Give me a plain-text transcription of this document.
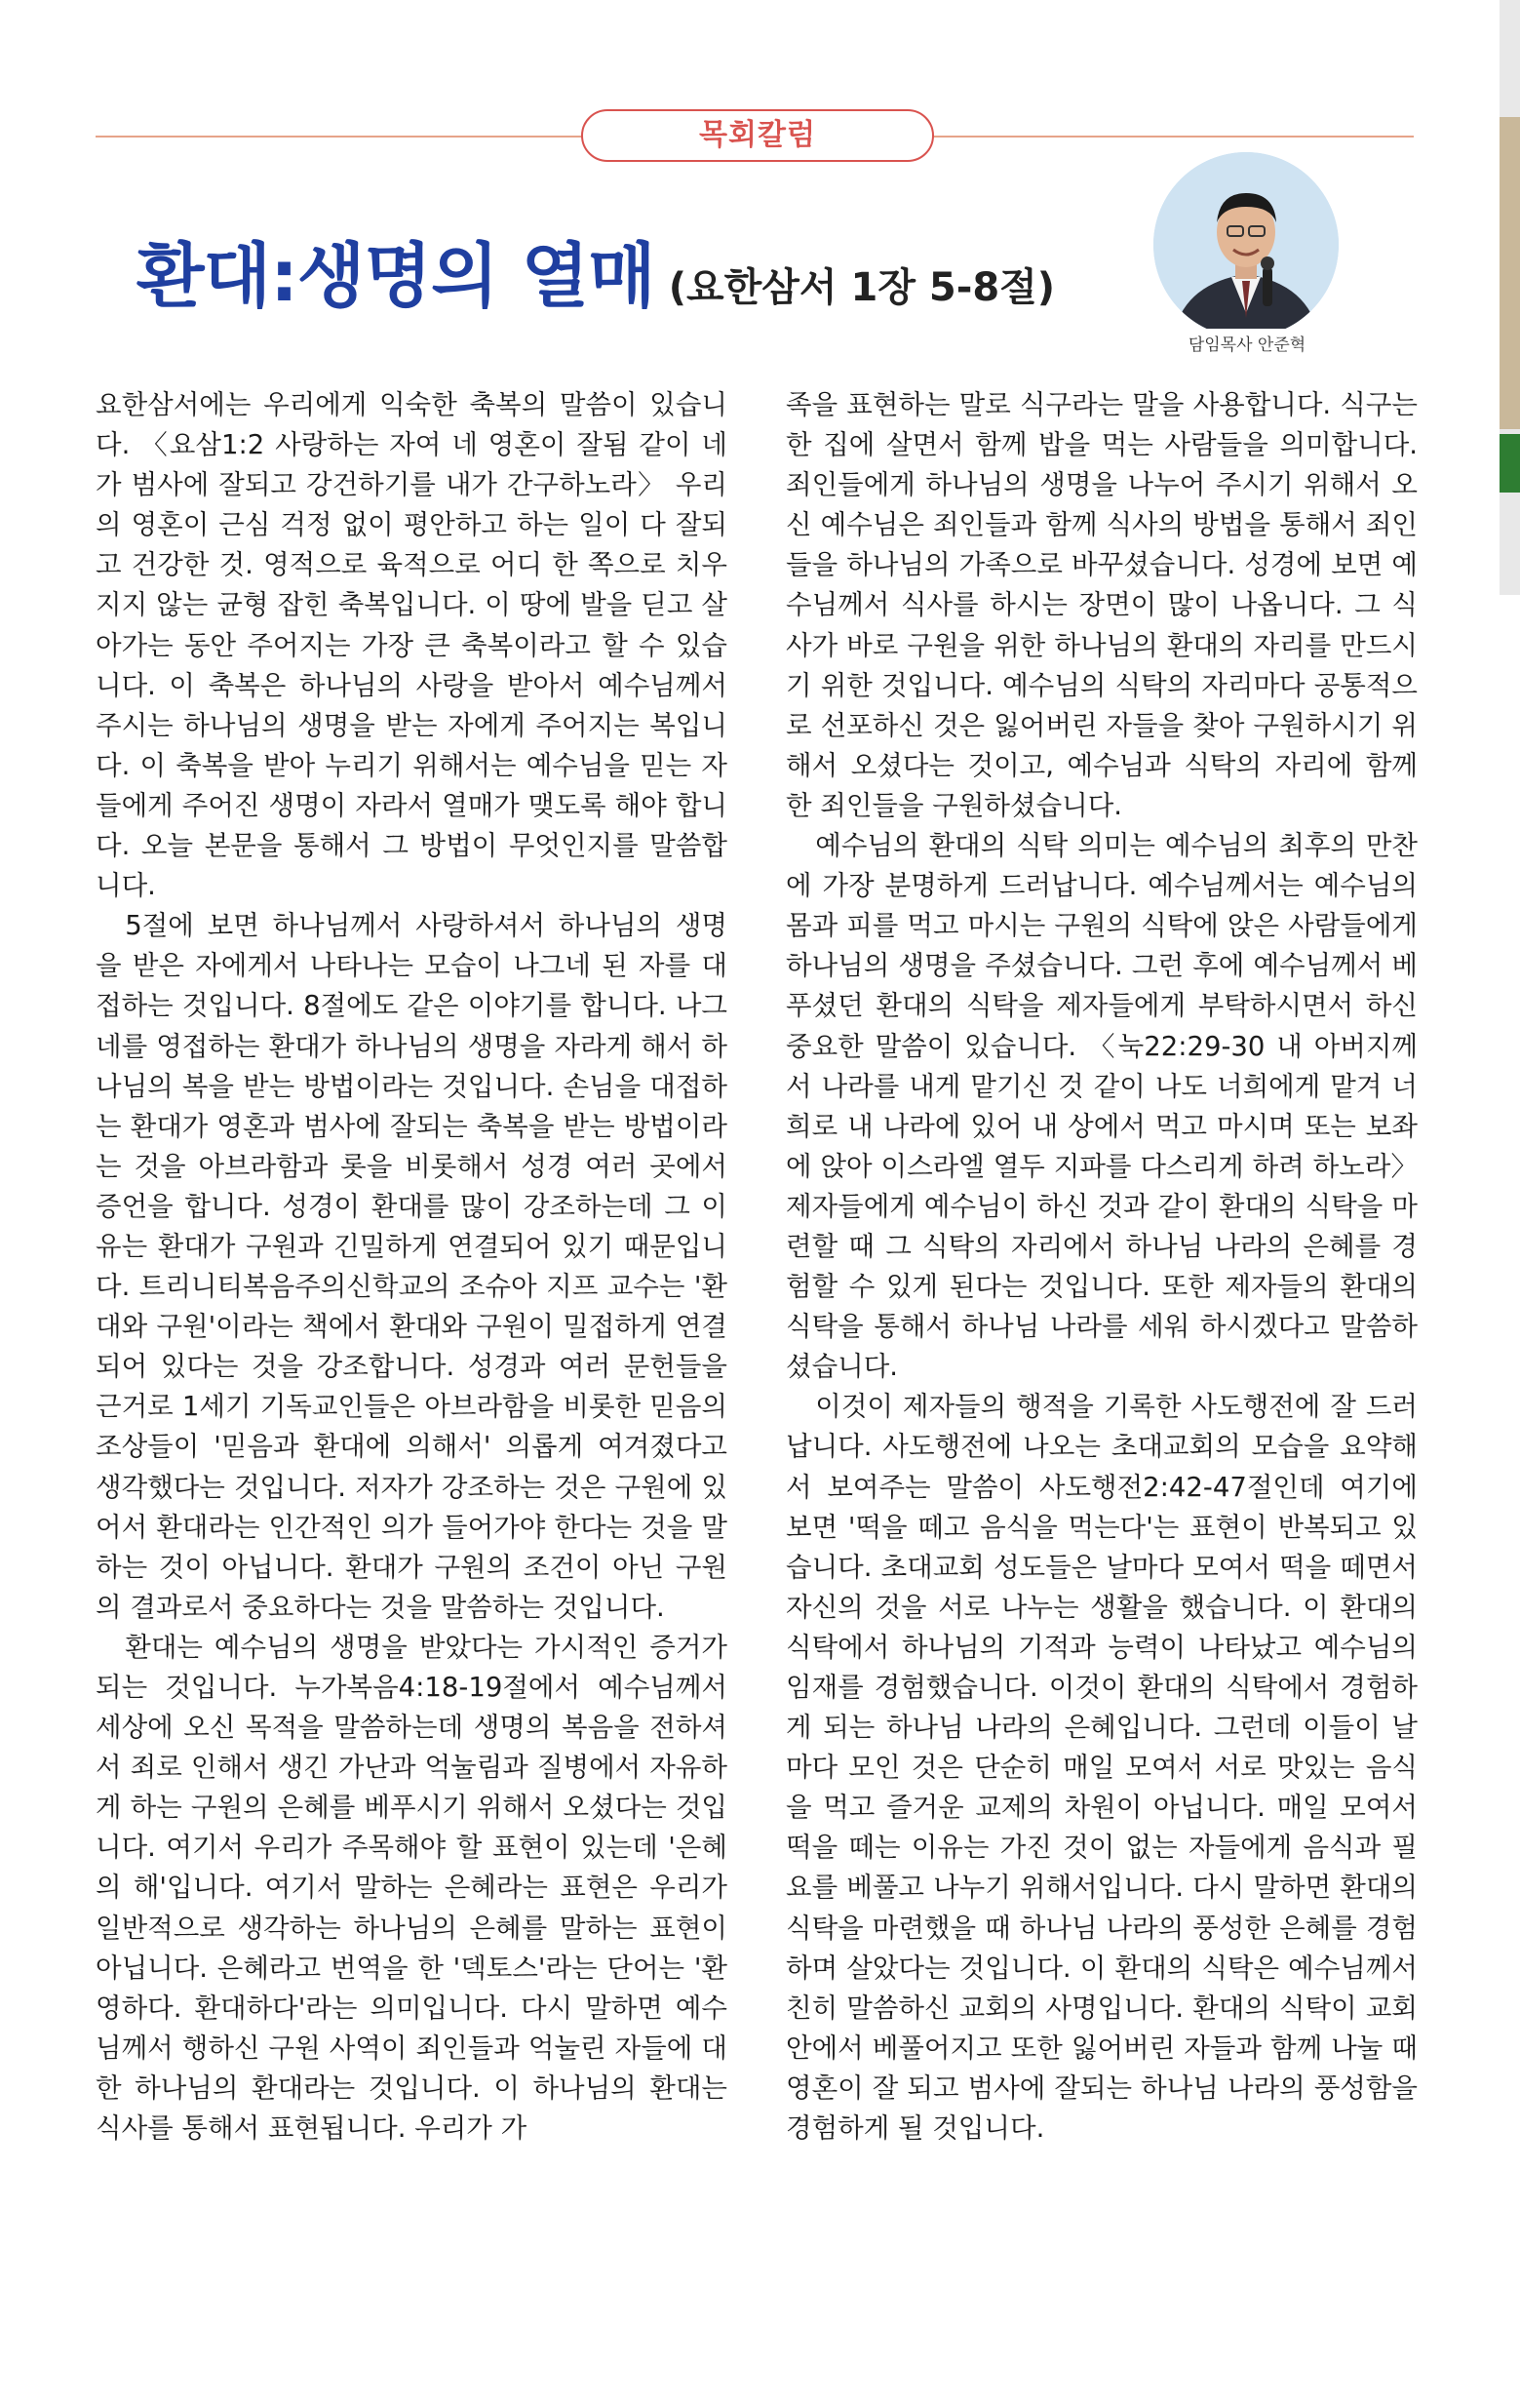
목회칼럼
환대:생명의 열매 (요한삼서 1장 5-8절)
담임목사 안준혁

요한삼서에는 우리에게 익숙한 축복의 말씀이 있습니다. 〈요삼1:2 사랑하는 자여 네 영혼이 잘됨 같이 네가 범사에 잘되고 강건하기를 내가 간구하노라〉 우리의 영혼이 근심 걱정 없이 평안하고 하는 일이 다 잘되고 건강한 것. 영적으로 육적으로 어디 한 쪽으로 치우지지 않는 균형 잡힌 축복입니다. 이 땅에 발을 딛고 살아가는 동안 주어지는 가장 큰 축복이라고 할 수 있습니다. 이 축복은 하나님의 사랑을 받아서 예수님께서 주시는 하나님의 생명을 받는 자에게 주어지는 복입니다. 이 축복을 받아 누리기 위해서는 예수님을 믿는 자들에게 주어진 생명이 자라서 열매가 맺도록 해야 합니다. 오늘 본문을 통해서 그 방법이 무엇인지를 말씀합니다.

5절에 보면 하나님께서 사랑하셔서 하나님의 생명을 받은 자에게서 나타나는 모습이 나그네 된 자를 대접하는 것입니다. 8절에도 같은 이야기를 합니다. 나그네를 영접하는 환대가 하나님의 생명을 자라게 해서 하나님의 복을 받는 방법이라는 것입니다. 손님을 대접하는 환대가 영혼과 범사에 잘되는 축복을 받는 방법이라는 것을 아브라함과 롯을 비롯해서 성경 여러 곳에서 증언을 합니다. 성경이 환대를 많이 강조하는데 그 이유는 환대가 구원과 긴밀하게 연결되어 있기 때문입니다. 트리니티복음주의신학교의 조슈아 지프 교수는 '환대와 구원'이라는 책에서 환대와 구원이 밀접하게 연결되어 있다는 것을 강조합니다. 성경과 여러 문헌들을 근거로 1세기 기독교인들은 아브라함을 비롯한 믿음의 조상들이 '믿음과 환대에 의해서' 의롭게 여겨졌다고 생각했다는 것입니다. 저자가 강조하는 것은 구원에 있어서 환대라는 인간적인 의가 들어가야 한다는 것을 말하는 것이 아닙니다. 환대가 구원의 조건이 아닌 구원의 결과로서 중요하다는 것을 말씀하는 것입니다.

환대는 예수님의 생명을 받았다는 가시적인 증거가 되는 것입니다. 누가복음4:18-19절에서 예수님께서 세상에 오신 목적을 말씀하는데 생명의 복음을 전하셔서 죄로 인해서 생긴 가난과 억눌림과 질병에서 자유하게 하는 구원의 은혜를 베푸시기 위해서 오셨다는 것입니다. 여기서 우리가 주목해야 할 표현이 있는데 '은혜의 해'입니다. 여기서 말하는 은혜라는 표현은 우리가 일반적으로 생각하는 하나님의 은혜를 말하는 표현이 아닙니다. 은혜라고 번역을 한 '덱토스'라는 단어는 '환영하다. 환대하다'라는 의미입니다. 다시 말하면 예수님께서 행하신 구원 사역이 죄인들과 억눌린 자들에 대한 하나님의 환대라는 것입니다. 이 하나님의 환대는 식사를 통해서 표현됩니다. 우리가 가

족을 표현하는 말로 식구라는 말을 사용합니다. 식구는 한 집에 살면서 함께 밥을 먹는 사람들을 의미합니다. 죄인들에게 하나님의 생명을 나누어 주시기 위해서 오신 예수님은 죄인들과 함께 식사의 방법을 통해서 죄인들을 하나님의 가족으로 바꾸셨습니다. 성경에 보면 예수님께서 식사를 하시는 장면이 많이 나옵니다. 그 식사가 바로 구원을 위한 하나님의 환대의 자리를 만드시기 위한 것입니다. 예수님의 식탁의 자리마다 공통적으로 선포하신 것은 잃어버린 자들을 찾아 구원하시기 위해서 오셨다는 것이고, 예수님과 식탁의 자리에 함께 한 죄인들을 구원하셨습니다.

예수님의 환대의 식탁 의미는 예수님의 최후의 만찬에 가장 분명하게 드러납니다. 예수님께서는 예수님의 몸과 피를 먹고 마시는 구원의 식탁에 앉은 사람들에게 하나님의 생명을 주셨습니다. 그런 후에 예수님께서 베푸셨던 환대의 식탁을 제자들에게 부탁하시면서 하신 중요한 말씀이 있습니다. 〈눅22:29-30 내 아버지께서 나라를 내게 맡기신 것 같이 나도 너희에게 맡겨 너희로 내 나라에 있어 내 상에서 먹고 마시며 또는 보좌에 앉아 이스라엘 열두 지파를 다스리게 하려 하노라〉 제자들에게 예수님이 하신 것과 같이 환대의 식탁을 마련할 때 그 식탁의 자리에서 하나님 나라의 은혜를 경험할 수 있게 된다는 것입니다. 또한 제자들의 환대의 식탁을 통해서 하나님 나라를 세워 하시겠다고 말씀하셨습니다.

이것이 제자들의 행적을 기록한 사도행전에 잘 드러납니다. 사도행전에 나오는 초대교회의 모습을 요약해서 보여주는 말씀이 사도행전2:42-47절인데 여기에 보면 '떡을 떼고 음식을 먹는다'는 표현이 반복되고 있습니다. 초대교회 성도들은 날마다 모여서 떡을 떼면서 자신의 것을 서로 나누는 생활을 했습니다. 이 환대의 식탁에서 하나님의 기적과 능력이 나타났고 예수님의 임재를 경험했습니다. 이것이 환대의 식탁에서 경험하게 되는 하나님 나라의 은혜입니다. 그런데 이들이 날마다 모인 것은 단순히 매일 모여서 서로 맛있는 음식을 먹고 즐거운 교제의 차원이 아닙니다. 매일 모여서 떡을 떼는 이유는 가진 것이 없는 자들에게 음식과 필요를 베풀고 나누기 위해서입니다. 다시 말하면 환대의 식탁을 마련했을 때 하나님 나라의 풍성한 은혜를 경험하며 살았다는 것입니다. 이 환대의 식탁은 예수님께서 친히 말씀하신 교회의 사명입니다. 환대의 식탁이 교회 안에서 베풀어지고 또한 잃어버린 자들과 함께 나눌 때 영혼이 잘 되고 범사에 잘되는 하나님 나라의 풍성함을 경험하게 될 것입니다.
